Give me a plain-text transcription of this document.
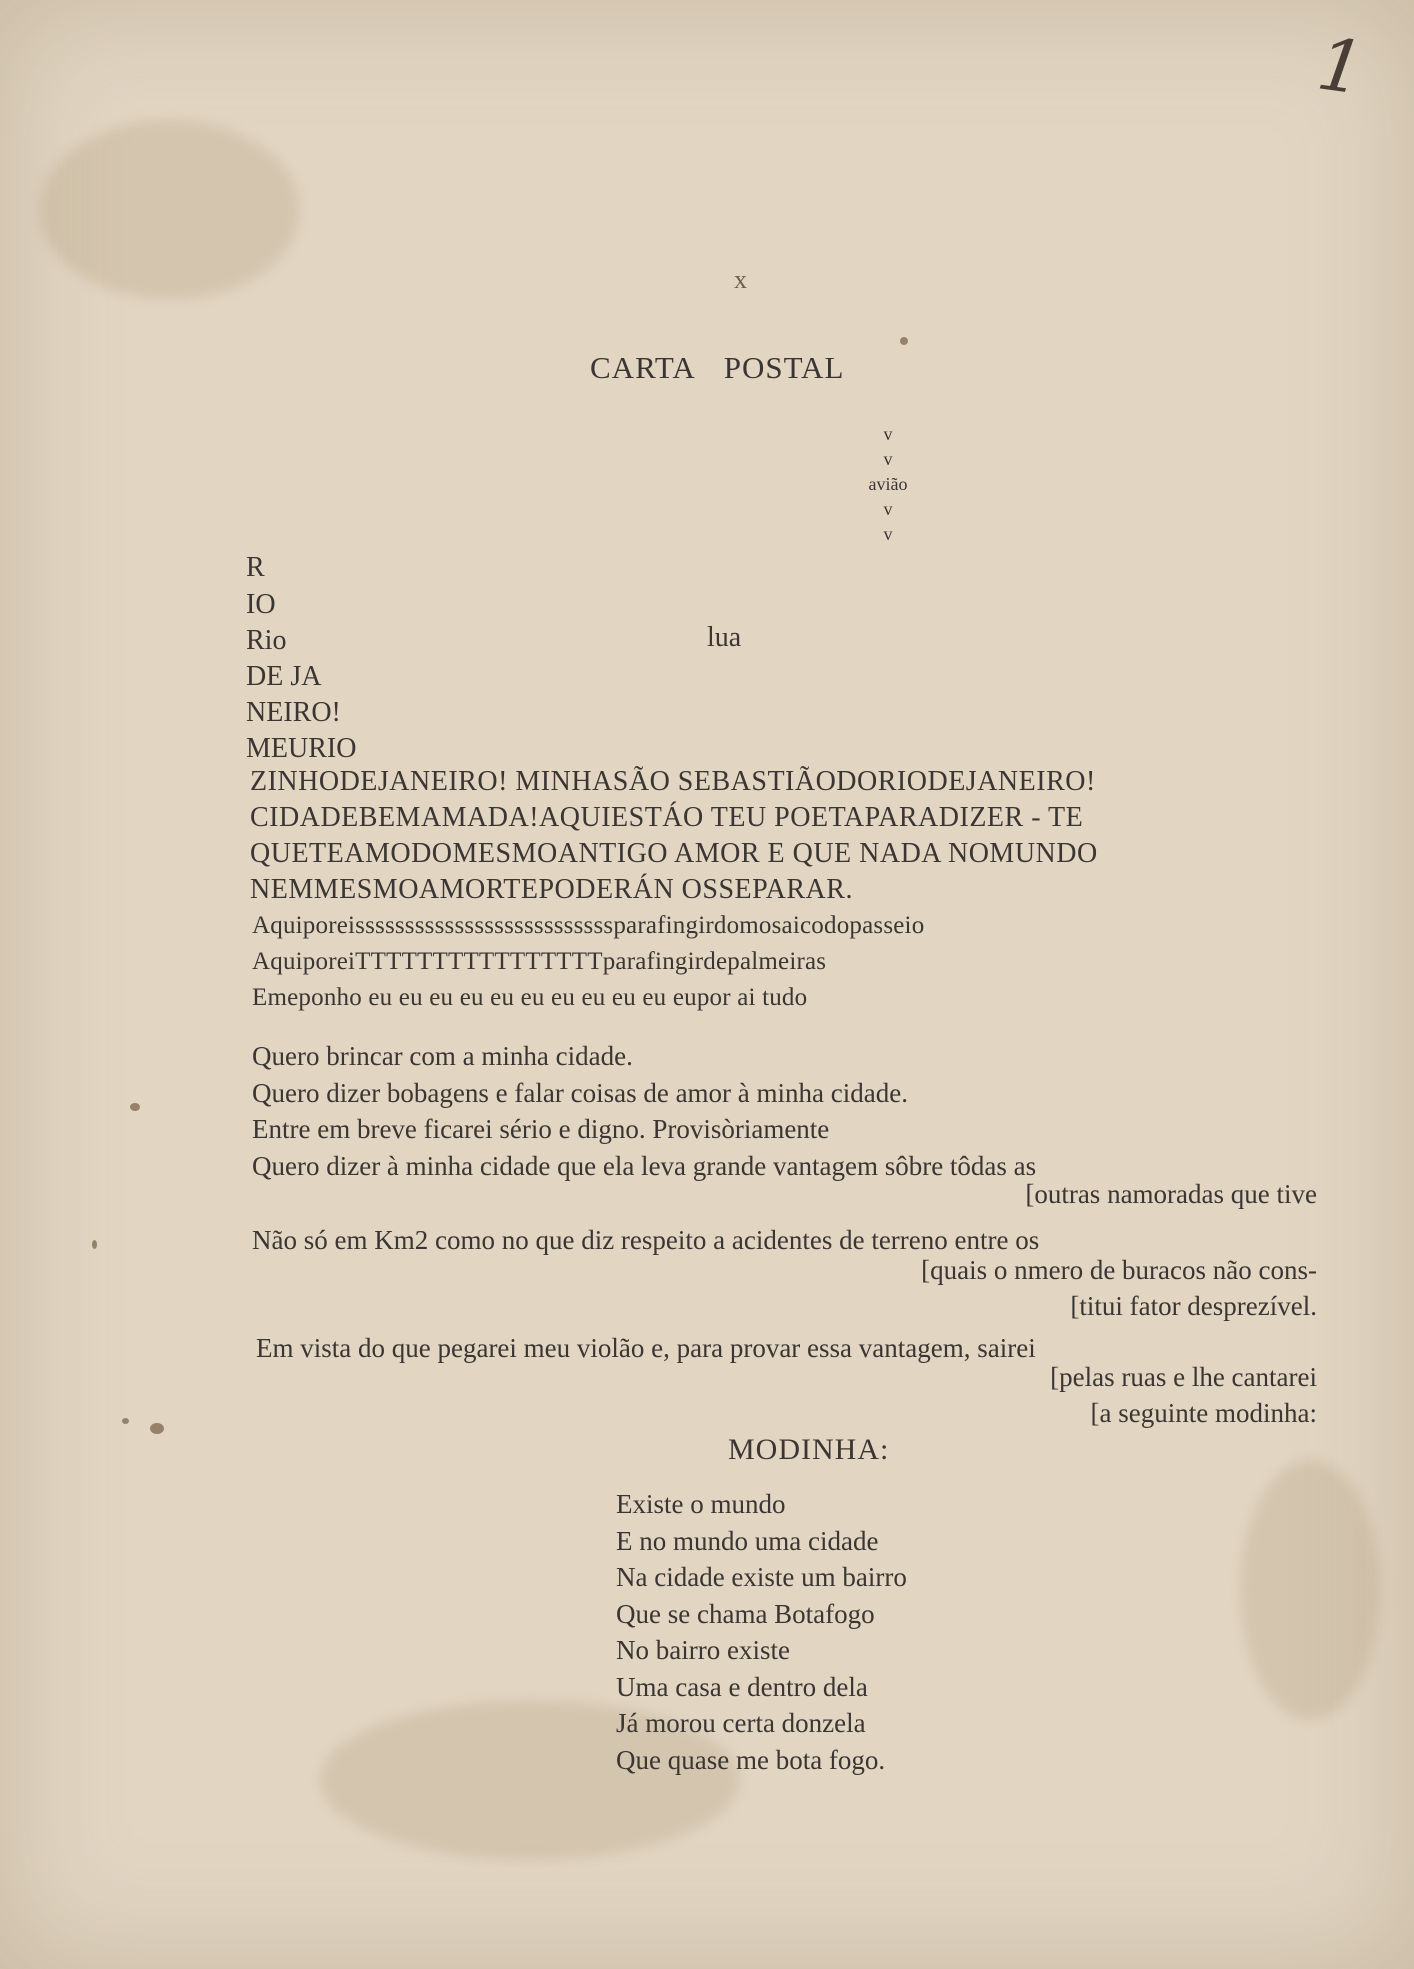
1
x
CARTA POSTAL
v
v
avião
v
v
R
IO
Rio
DE JA
NEIRO!
MEURIO
lua
ZINHODEJANEIRO! MINHASÃO SEBASTIÃODORIODEJANEIRO!
CIDADEBEMAMADA!AQUIESTÁO TEU POETAPARADIZER - TE
QUETEAMODOMESMOANTIGO AMOR E QUE NADA NOMUNDO
NEMMESMOAMORTEPODERÁN OSSEPARAR.
Aquiporeissssssssssssssssssssssssssparafingirdomosaicodopasseio
AquiporeiTTTTTTTTTTTTTTTTparafingirdepalmeiras
Emeponho eu eu eu eu eu eu eu eu eu eu eupor ai tudo
Quero brincar com a minha cidade.
Quero dizer bobagens e falar coisas de amor à minha cidade.
Entre em breve ficarei sério e digno. Provisòriamente
Quero dizer à minha cidade que ela leva grande vantagem sôbre tôdas as
[outras namoradas que tive
Não só em Km2 como no que diz respeito a acidentes de terreno entre os
[quais o nmero de buracos não cons-
[titui fator desprezível.
Em vista do que pegarei meu violão e, para provar essa vantagem, sairei
[pelas ruas e lhe cantarei
[a seguinte modinha:
MODINHA:
Existe o mundo
E no mundo uma cidade
Na cidade existe um bairro
Que se chama Botafogo
No bairro existe
Uma casa e dentro dela
Já morou certa donzela
Que quase me bota fogo.
